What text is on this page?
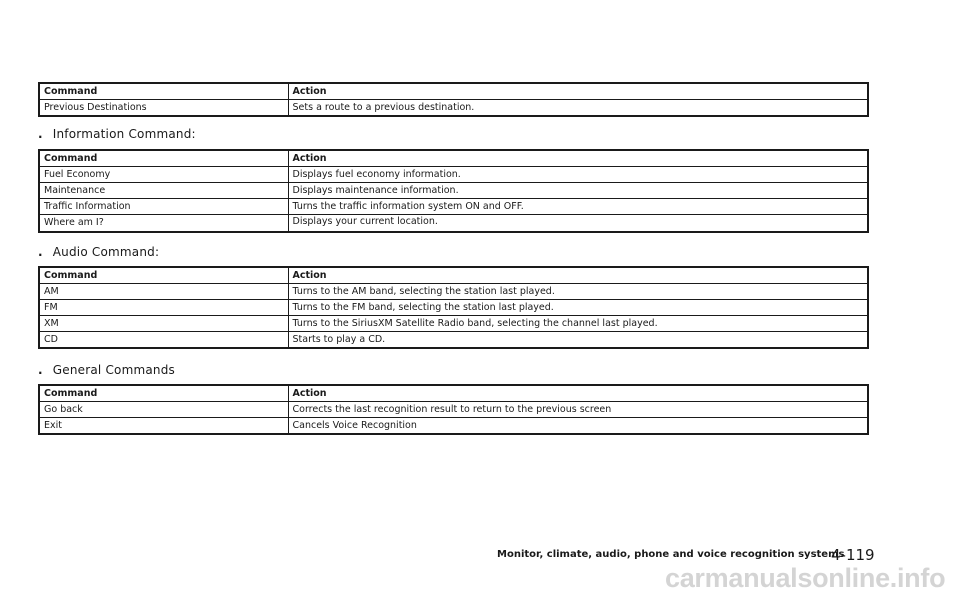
Command	Action
Previous Destinations	Sets a route to a previous destination.
. Information Command:
Command	Action
Fuel Economy	Displays fuel economy information.
Maintenance	Displays maintenance information.
Traffic Information	Turns the traffic information system ON and OFF.
Where am I?	Displays your current location.
. Audio Command:
Command	Action
AM	Turns to the AM band, selecting the station last played.
FM	Turns to the FM band, selecting the station last played.
XM	Turns to the SiriusXM Satellite Radio band, selecting the channel last played.
CD	Starts to play a CD.
. General Commands
Command	Action
Go back	Corrects the last recognition result to return to the previous screen
Exit	Cancels Voice Recognition
Monitor, climate, audio, phone and voice recognition systems
4-119
carmanualsonline.info
